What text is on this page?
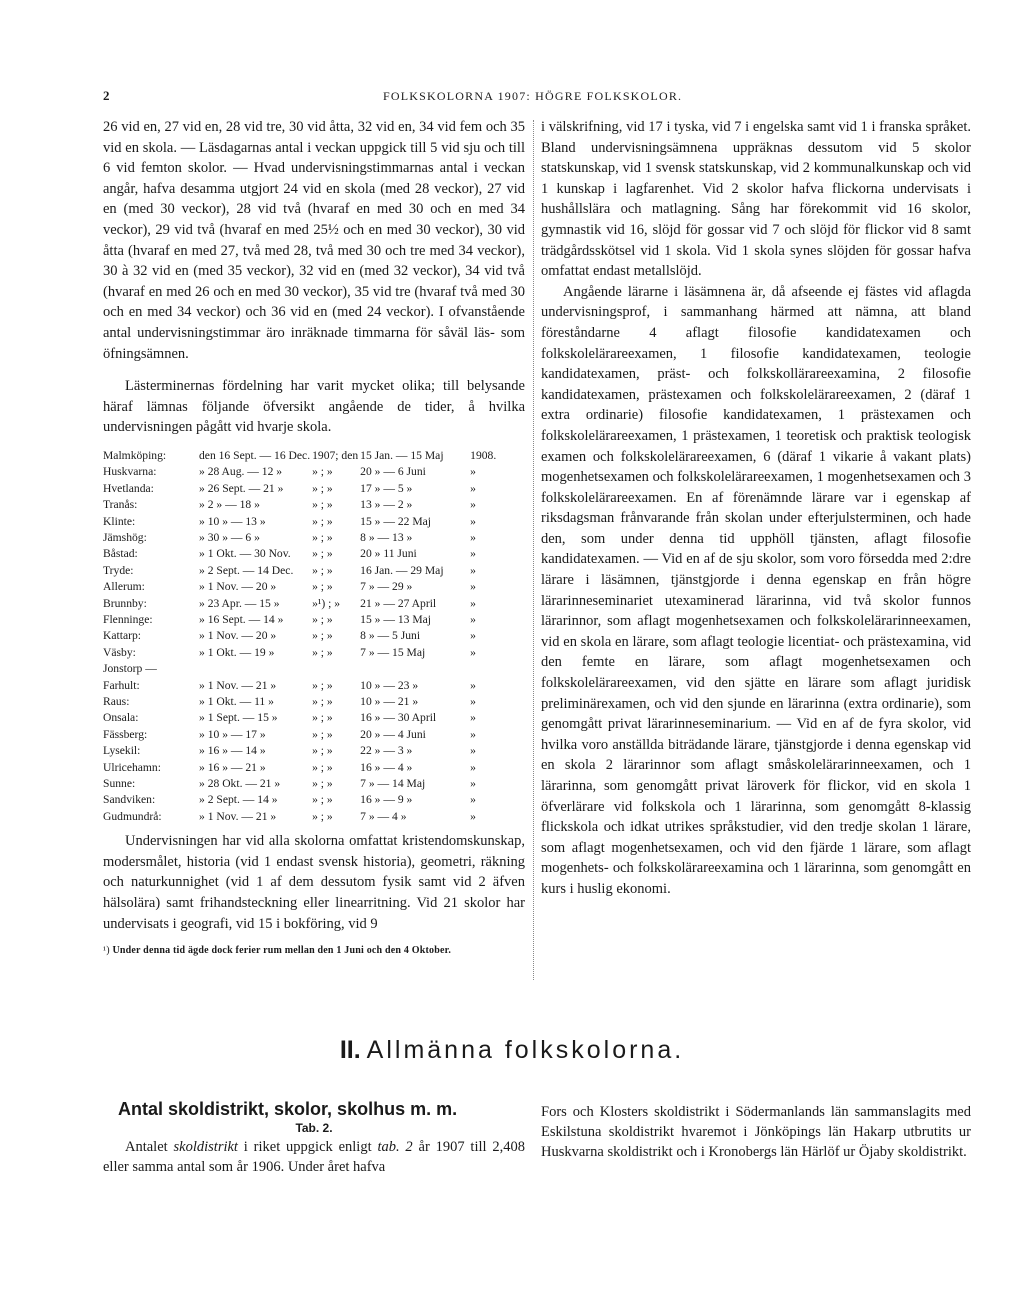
2	FOLKSKOLORNA 1907: HÖGRE FOLKSKOLOR.

26 vid en, 27 vid en, 28 vid tre, 30 vid åtta, 32 vid en, 34 vid fem och 35 vid en skola. — Läsdagarnas antal i veckan uppgick till 5 vid sju och till 6 vid femton skolor. — Hvad undervisningstimmarnas antal i veckan angår, hafva desamma utgjort 24 vid en skola (med 28 veckor), 27 vid en (med 30 veckor), 28 vid två (hvaraf en med 30 och en med 34 veckor), 29 vid två (hvaraf en med 25½ och en med 30 veckor), 30 vid åtta (hvaraf en med 27, två med 28, två med 30 och tre med 34 veckor), 30 à 32 vid en (med 35 veckor), 32 vid en (med 32 veckor), 34 vid två (hvaraf en med 26 och en med 30 veckor), 35 vid tre (hvaraf två med 30 och en med 34 veckor) och 36 vid en (med 24 veckor). I ofvanstående antal undervisningstimmar äro inräknade timmarna för såväl läs- som öfningsämnen.

Lästerminernas fördelning har varit mycket olika; till belysande häraf lämnas följande öfversikt angående de tider, å hvilka undervisningen pågått vid hvarje skola.

Malmköping:	den 16 Sept. — 16 Dec.	1907; den	15 Jan. — 15 Maj	1908.
Huskvarna:	» 28 Aug. — 12 »	» ; »	20 » — 6 Juni	»
Hvetlanda:	» 26 Sept. — 21 »	» ; »	17 » — 5 »	»
Tranås:	» 2 » — 18 »	» ; »	13 » — 2 »	»
Klinte:	» 10 » — 13 »	» ; »	15 » — 22 Maj	»
Jämshög:	» 30 » — 6 »	» ; »	8 » — 13 »	»
Båstad:	» 1 Okt. — 30 Nov.	» ; »	20 » 11 Juni	»
Tryde:	» 2 Sept. — 14 Dec.	» ; »	16 Jan. — 29 Maj	»
Allerum:	» 1 Nov. — 20 »	» ; »	7 » — 29 »	»
Brunnby:	» 23 Apr. — 15 »	»¹) ; »	21 » — 27 April	»
Flenninge:	» 16 Sept. — 14 »	» ; »	15 » — 13 Maj	»
Kattarp:	» 1 Nov. — 20 »	» ; »	8 » — 5 Juni	»
Väsby:	» 1 Okt. — 19 »	» ; »	7 » — 15 Maj	»
Jonstorp —				
Farhult:	» 1 Nov. — 21 »	» ; »	10 » — 23 »	»
Raus:	» 1 Okt. — 11 »	» ; »	10 » — 21 »	»
Onsala:	» 1 Sept. — 15 »	» ; »	16 » — 30 April	»
Fässberg:	» 10 » — 17 »	» ; »	20 » — 4 Juni	»
Lysekil:	» 16 » — 14 »	» ; »	22 » — 3 »	»
Ulricehamn:	» 16 » — 21 »	» ; »	16 » — 4 »	»
Sunne:	» 28 Okt. — 21 »	» ; »	7 » — 14 Maj	»
Sandviken:	» 2 Sept. — 14 »	» ; »	16 » — 9 »	»
Gudmundrå:	» 1 Nov. — 21 »	» ; »	7 » — 4 »	»

Undervisningen har vid alla skolorna omfattat kristendomskunskap, modersmålet, historia (vid 1 endast svensk historia), geometri, räkning och naturkunnighet (vid 1 af dem dessutom fysik samt vid 2 äfven hälsolära) samt frihandsteckning eller linearritning. Vid 21 skolor har undervisats i geografi, vid 15 i bokföring, vid 9

¹) Under denna tid ägde dock ferier rum mellan den 1 Juni och den 4 Oktober.

i välskrifning, vid 17 i tyska, vid 7 i engelska samt vid 1 i franska språket. Bland undervisningsämnena uppräknas dessutom vid 5 skolor statskunskap, vid 1 svensk statskunskap, vid 2 kommunalkunskap och vid 1 kunskap i lagfarenhet. Vid 2 skolor hafva flickorna undervisats i hushållslära och matlagning. Sång har förekommit vid 16 skolor, gymnastik vid 16, slöjd för gossar vid 7 och slöjd för flickor vid 8 samt trädgårdsskötsel vid 1 skola. Vid 1 skola synes slöjden för gossar hafva omfattat endast metallslöjd.

Angående lärarne i läsämnena är, då afseende ej fästes vid aflagda undervisningsprof, i sammanhang härmed att nämna, att bland föreståndarne 4 aflagt filosofie kandidatexamen och folkskolelärareexamen, 1 filosofie kandidatexamen, teologie kandidatexamen, präst- och folkskollärareexamina, 2 filosofie kandidatexamen, prästexamen och folkskolelärareexamen, 2 (däraf 1 extra ordinarie) filosofie kandidatexamen, 1 prästexamen och folkskolelärareexamen, 1 prästexamen, 1 teoretisk och praktisk teologisk examen och folkskolelärareexamen, 6 (däraf 1 vikarie å vakant plats) mogenhetsexamen och folkskolelärareexamen, 1 mogenhetsexamen och 3 folkskolelärareexamen. En af förenämnde lärare var i egenskap af riksdagsman frånvarande från skolan under efterjulsterminen, och hade den, som under denna tid upphöll tjänsten, aflagt filosofie kandidatexamen. — Vid en af de sju skolor, som voro försedda med 2:dre lärare i läsämnen, tjänstgjorde i denna egenskap en från högre lärarinneseminariet utexaminerad lärarinna, vid två skolor funnos lärarinnor, som aflagt mogenhetsexamen och folkskolelärarinneexamen, vid en skola en lärare, som aflagt teologie licentiat- och prästexamina, vid den femte en lärare, som aflagt mogenhetsexamen och folkskolelärareexamen, vid den sjätte en lärare som aflagt juridisk preliminärexamen, och vid den sjunde en lärarinna (extra ordinarie), som genomgått privat lärarinneseminarium. — Vid en af de fyra skolor, vid hvilka voro anställda biträdande lärare, tjänstgjorde i denna egenskap vid en skola 2 lärarinnor som aflagt småskolelärarinneexamen, och 1 lärarinna, som genomgått privat läroverk för flickor, vid en skola 1 öfverlärare vid folkskola och 1 lärarinna, som genomgått 8-klassig flickskola och idkat utrikes språkstudier, vid den tredje skolan 1 lärare, som aflagt mogenhetsexamen, och vid den fjärde 1 lärare, som aflagt mogenhets- och folkskolärareexamina och 1 lärarinna, som genomgått en kurs i huslig ekonomi.

II. Allmänna folkskolorna.
Antal skoldistrikt, skolor, skolhus m. m.
Tab. 2.

Antalet skoldistrikt i riket uppgick enligt tab. 2 år 1907 till 2,408 eller samma antal som år 1906. Under året hafva

Fors och Klosters skoldistrikt i Södermanlands län sammanslagits med Eskilstuna skoldistrikt hvaremot i Jönköpings län Hakarp utbrutits ur Huskvarna skoldistrikt och i Kronobergs län Härlöf ur Öjaby skoldistrikt.
